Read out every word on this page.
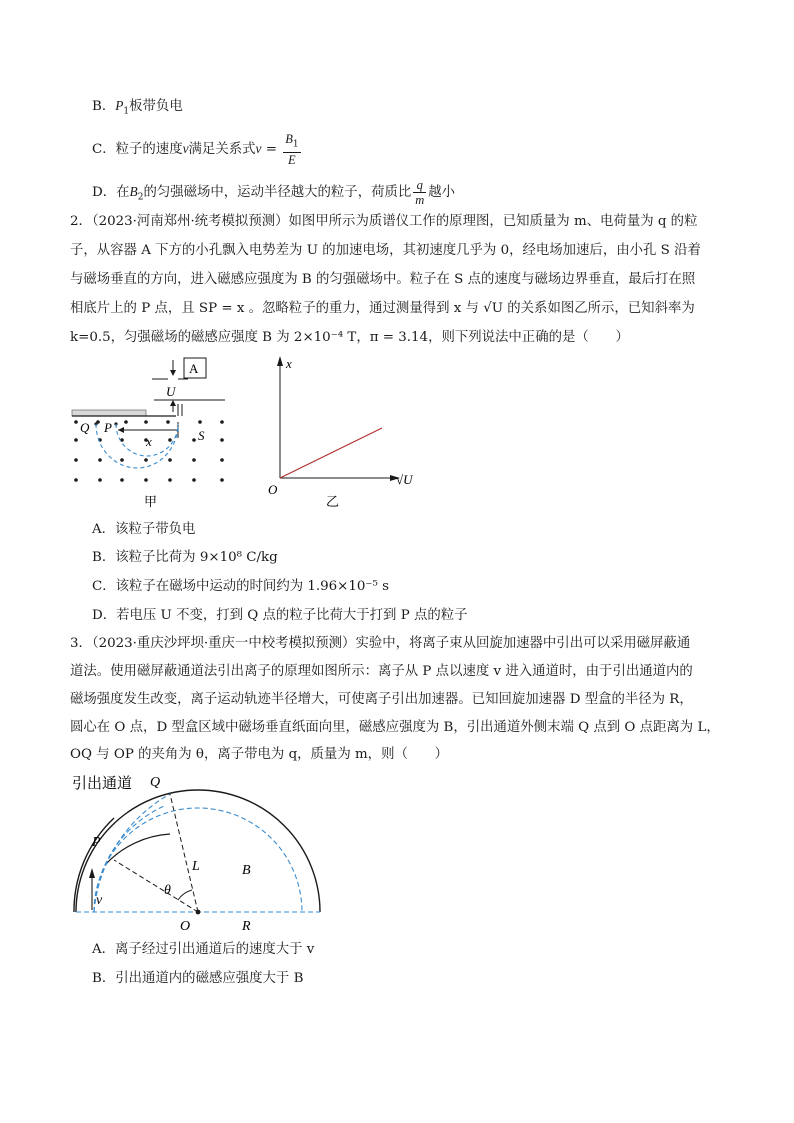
B．$P_1$板带负电
C．粒子的速度v满足关系式$v = \frac{B_1}{E}$
D．在$B_2$的匀强磁场中，运动半径越大的粒子，荷质比 $\frac{q}{m}$ 越小
2．（2023·河南郑州·统考模拟预测）如图甲所示为质谱仪工作的原理图，已知质量为 m、电荷量为 q 的粒
子，从容器 A 下方的小孔飘入电势差为 U 的加速电场，其初速度几乎为 0，经电场加速后，由小孔 S 沿着
与磁场垂直的方向，进入磁感应强度为 B 的匀强磁场中。粒子在 S 点的速度与磁场边界垂直，最后打在照
相底片上的 P 点，且 SP = x 。忽略粒子的重力，通过测量得到 x 与 √U 的关系如图乙所示，已知斜率为
k=0.5，匀强磁场的磁感应强度 B 为 2×10⁻⁴ T，π = 3.14，则下列说法中正确的是（　　）
A
U
Q P
S
x
甲
x
O
√U
乙
A．该粒子带负电
B．该粒子比荷为 9×10⁸ C/kg
C．该粒子在磁场中运动的时间约为 1.96×10⁻⁵ s
D．若电压 U 不变，打到 Q 点的粒子比荷大于打到 P 点的粒子
3．（2023·重庆沙坪坝·重庆一中校考模拟预测）实验中，将离子束从回旋加速器中引出可以采用磁屏蔽通
道法。使用磁屏蔽通道法引出离子的原理如图所示：离子从 P 点以速度 v 进入通道时，由于引出通道内的
磁场强度发生改变，离子运动轨迹半径增大，可使离子引出加速器。已知回旋加速器 D 型盒的半径为 R，
圆心在 O 点，D 型盒区域中磁场垂直纸面向里，磁感应强度为 B，引出通道外侧末端 Q 点到 O 点距离为 L，
OQ 与 OP 的夹角为 θ，离子带电为 q，质量为 m，则（　　）
引出通道 Q
P
L	B
θ
v
O	R
A．离子经过引出通道后的速度大于 v
B．引出通道内的磁感应强度大于 B
